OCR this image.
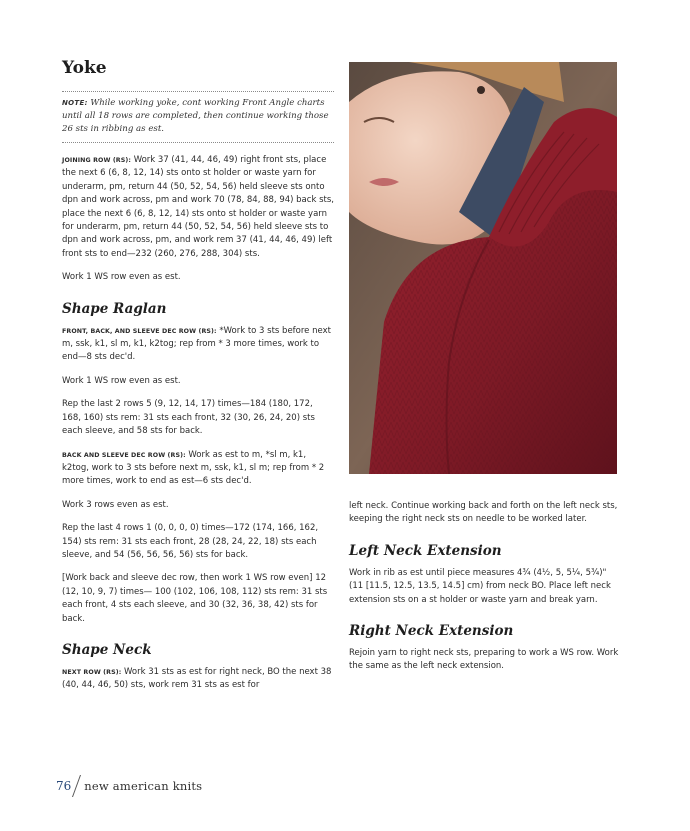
Yoke
NOTE: While working yoke, cont working Front Angle charts until all 18 rows are completed, then continue working those 26 sts in ribbing as est.

JOINING ROW (RS): Work 37 (41, 44, 46, 49) right front sts, place the next 6 (6, 8, 12, 14) sts onto st holder or waste yarn for underarm, pm, return 44 (50, 52, 54, 56) held sleeve sts onto dpn and work across, pm and work 70 (78, 84, 88, 94) back sts, place the next 6 (6, 8, 12, 14) sts onto st holder or waste yarn for underarm, pm, return 44 (50, 52, 54, 56) held sleeve sts to dpn and work across, pm, and work rem 37 (41, 44, 46, 49) left front sts to end—232 (260, 276, 288, 304) sts.

Work 1 WS row even as est.

Shape Raglan

FRONT, BACK, AND SLEEVE DEC ROW (RS): *Work to 3 sts before next m, ssk, k1, sl m, k1, k2tog; rep from * 3 more times, work to end—8 sts dec'd.

Work 1 WS row even as est.

Rep the last 2 rows 5 (9, 12, 14, 17) times—184 (180, 172, 168, 160) sts rem: 31 sts each front, 32 (30, 26, 24, 20) sts each sleeve, and 58 sts for back.

BACK AND SLEEVE DEC ROW (RS): Work as est to m, *sl m, k1, k2tog, work to 3 sts before next m, ssk, k1, sl m; rep from * 2 more times, work to end as est—6 sts dec'd.

Work 3 rows even as est.

Rep the last 4 rows 1 (0, 0, 0, 0) times—172 (174, 166, 162, 154) sts rem: 31 sts each front, 28 (28, 24, 22, 18) sts each sleeve, and 54 (56, 56, 56, 56) sts for back.

[Work back and sleeve dec row, then work 1 WS row even] 12 (12, 10, 9, 7) times— 100 (102, 106, 108, 112) sts rem: 31 sts each front, 4 sts each sleeve, and 30 (32, 36, 38, 42) sts for back.

Shape Neck

NEXT ROW (RS): Work 31 sts as est for right neck, BO the next 38 (40, 44, 46, 50) sts, work rem 31 sts as est for

left neck. Continue working back and forth on the left neck sts, keeping the right neck sts on needle to be worked later.

Left Neck Extension

Work in rib as est until piece measures 4¾ (4½, 5, 5¼, 5¾)" (11 [11.5, 12.5, 13.5, 14.5] cm) from neck BO. Place left neck extension sts on a st holder or waste yarn and break yarn.

Right Neck Extension

Rejoin yarn to right neck sts, preparing to work a WS row. Work the same as the left neck extension.

76 new american knits
